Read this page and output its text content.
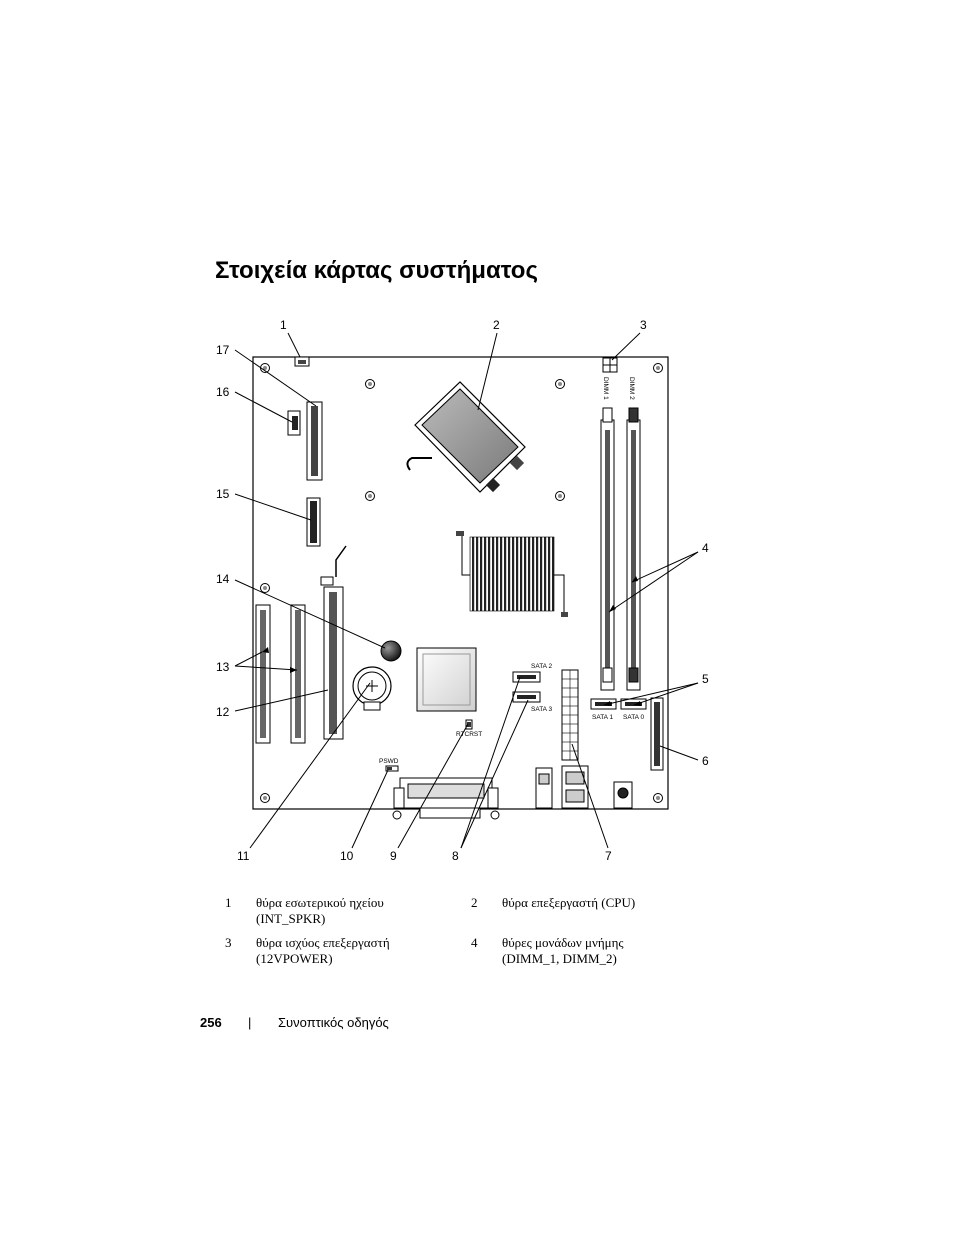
Στοιχεία κάρτας συστήματος
DIMM 1	DIMM 2
RTCRST
PSWD
SATA 2
SATA 3
SATA 1 SATA 0
1	2	3
4
5
6
7
8
9
10
11
12
13
14
15
16
17
1 θύρα εσωτερικού ηχείου (INT_SPKR)
2 θύρα επεξεργαστή (CPU)
3 θύρα ισχύος επεξεργαστή (12VPOWER)
4 θύρες μονάδων μνήμης (DIMM_1, DIMM_2)
256 | Συνοπτικός οδηγός
